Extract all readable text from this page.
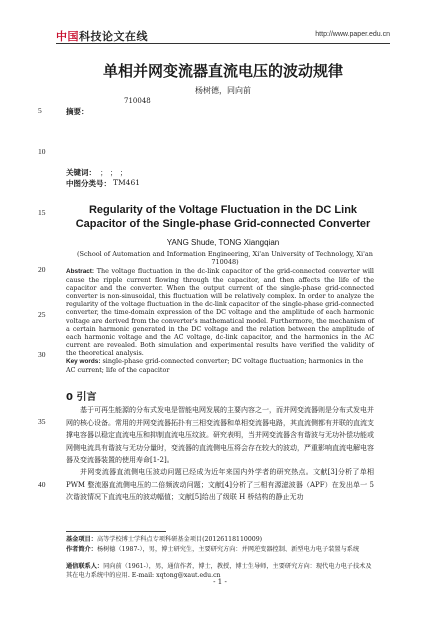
中国科技论文在线	http://www.paper.edu.cn
单相并网变流器直流电压的波动规律
杨树德，同向前
710048
5	摘要：
10
关键词： ； ； ；
中图分类号： TM461
15	Regularity of the Voltage Fluctuation in the DC Link
Capacitor of the Single-phase Grid-connected Converter
YANG Shude, TONG Xiangqian
(School of Automation and Information Engineering, Xi'an University of Technology, Xi'an 710048)
20	Abstract: The voltage fluctuation in the dc-link capacitor of the grid-connected converter will cause the ripple current flowing through the capacitor, and then affects the life of the capacitor and the converter. When the output current of the single-phase grid-connected converter is non-sinusoidal, this fluctuation will be relatively complex. In order to analyze the regularity of the voltage fluctuation in the dc-link capacitor of the single-phase grid-connected converter, the time-domain expression of the DC voltage and the amplitude of each harmonic voltage are derived from the converter's mathematical model. Furthermore, the mechanism of a certain harmonic generated in the DC voltage and the relation between the amplitude of each harmonic voltage and the AC voltage, dc-link capacitor, and the harmonics in the AC current are revealed. Both simulation and experimental results have verified the validity of the theoretical analysis.

25
30

Key words: single-phase grid-connected converter; DC voltage fluctuation; harmonics in the AC current; life of the capacitor

0 引言
35

基于可再生能源的分布式发电是智能电网发展的主要内容之一，而并网变流器则是分布式发电并网的核心设备。常用的并网变流器拓扑有三相变流器和单相变流器电路，其直流侧都有并联的直流支撑电容器以稳定直流电压和抑制直流电压纹波。研究表明，当并网变流器含有谐波与无功补偿功能或网侧电流具有谐波与无功分量时，变流器的直流侧电压将会存在较大的波动，严重影响直流电解电容器及变流器装置的使用寿命[1-2]。

40

并网变流器直流侧电压波动问题已经成为近年来国内外学者的研究热点。文献[3]分析了单相 PWM 整流器直流侧电压的二倍频波动问题；文献[4]分析了三相有源滤波器（APF）在发出单一 5 次谐波情况下直流电压的波动幅值；文献[5]给出了级联 H 桥结构的静止无功

基金项目：高等学校博士学科点专项科研基金项目(20126118110009)

作者简介：杨树德（1987-），男，博士研究生，主要研究方向：并网逆变器控制、新型电力电子装置与系统

通信联系人：同向前（1961-），男，通信作者，博士，教授，博士生导师，主要研究方向：现代电力电子技术及其在电力系统中的应用. E-mail: xqtong@xaut.edu.cn

- 1 -
